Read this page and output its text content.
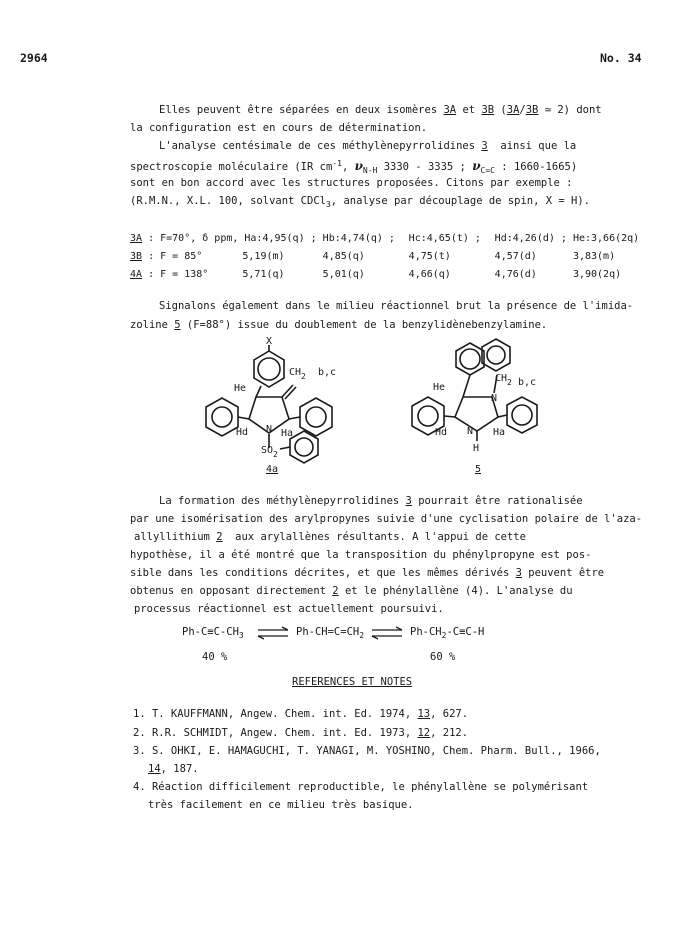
2964	No. 34
Elles peuvent être séparées en deux isomères 3A et 3B (3A/3B ≃ 2) dont
la configuration est en cours de détermination.
L'analyse centésimale de ces méthylènepyrrolidines 3  ainsi que la
spectroscopie moléculaire (IR $cm^{-1}$, $\nu_{N-H}$ 3330 - 3335 ; $\nu_{C=C}$ : 1660-1665)
sont en bon accord avec les structures proposées. Citons par exemple :
(R.M.N., X.L. 100, solvant CDCl$_3$, analyse par découplage de spin, X = H).
3A : F=70°, δ ppm, Ha:4,95(q) ;		Hb:4,74(q) ;	Hc:4,65(t) ;	Hd:4,26(d) ;	He:3,66(2q)
3B : F = 85°	5,19(m)	4,85(q)	4,75(t)	4,57(d)	3,83(m)
4A : F = 138°	5,71(q)	5,01(q)	4,66(q)	4,76(d)	3,90(2q)
Signalons également dans le milieu réactionnel brut la présence de l'imida-
zoline 5 (F=88°) issue du doublement de la benzylidènebenzylamine.
X
$CH_2$ b,c
He
Hd N Ha
$SO_2$
4a
He
$CH_2$ b,c
N
Hd N
H
Ha
5
La formation des méthylènepyrrolidines 3 pourrait être rationalisée
par une isomérisation des arylpropynes suivie d'une cyclisation polaire de l'aza-
allyllithium 2  aux arylallènes résultants. A l'appui de cette
hypothèse, il a été montré que la transposition du phénylpropyne est pos-
sible dans les conditions décrites, et que les mêmes dérivés 3 peuvent être
obtenus en opposant directement 2 et le phénylallène (4). L'analyse du
processus réactionnel est actuellement poursuivi.
$Ph-C\equiv C-CH_3$ ⇌ $Ph-CH=C=CH_2$ ⇌ $Ph-CH_2-C\equiv C-H$
40 %	60 %
REFERENCES ET NOTES
1. T. KAUFFMANN, Angew. Chem. int. Ed. 1974, 13, 627.
2. R.R. SCHMIDT, Angew. Chem. int. Ed. 1973, 12, 212.
3. S. OHKI, E. HAMAGUCHI, T. YANAGI, M. YOSHINO, Chem. Pharm. Bull., 1966,
14, 187.
4. Réaction difficilement reproductible, le phénylallène se polymérisant
très facilement en ce milieu très basique.
